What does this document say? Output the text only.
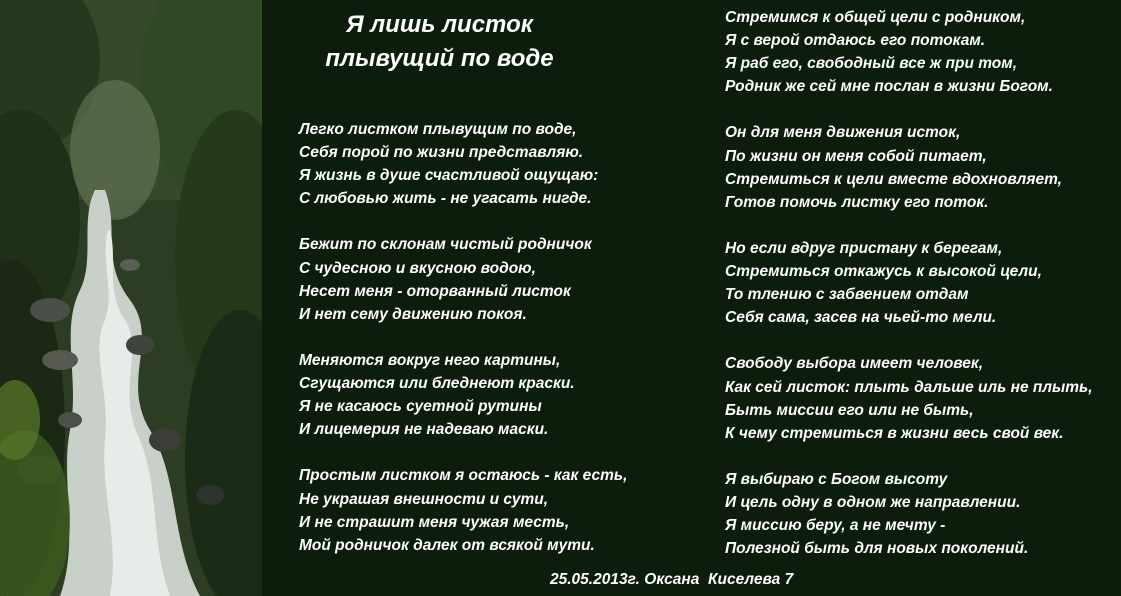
Я лишь листок
плывущий по воде
Легко листком плывущим по воде,
Себя порой по жизни представляю.
Я жизнь в душе счастливой ощущаю:
С любовью жить - не угасать нигде.
Бежит по склонам чистый родничок
С чудесною и вкусною водою,
Несет меня - оторванный листок
И нет сему движению покоя.
Меняются вокруг него картины,
Сгущаются или бледнеют краски.
Я не касаюсь суетной рутины
И лицемерия не надеваю маски.
Простым листком я остаюсь - как есть,
Не украшая внешности и сути,
И не страшит меня чужая месть,
Мой родничок далек от всякой мути.
Стремимся к общей цели с родником,
Я с верой отдаюсь его потокам.
Я раб его, свободный все ж при том,
Родник же сей мне послан в жизни Богом.
Он для меня движения исток,
По жизни он меня собой питает,
Стремиться к цели вместе вдохновляет,
Готов помочь листку его поток.
Но если вдруг пристану к берегам,
Стремиться откажусь к высокой цели,
То тлению с забвением отдам
Себя сама, засев на чьей-то мели.
Свободу выбора имеет человек,
Как сей листок: плыть дальше иль не плыть,
Быть миссии его или не быть,
К чему стремиться в жизни весь свой век.
Я выбираю с Богом высоту
И цель одну в одном же направлении.
Я миссию беру, а не мечту -
Полезной быть для новых поколений.
25.05.2013г. Оксана  Киселева 7
